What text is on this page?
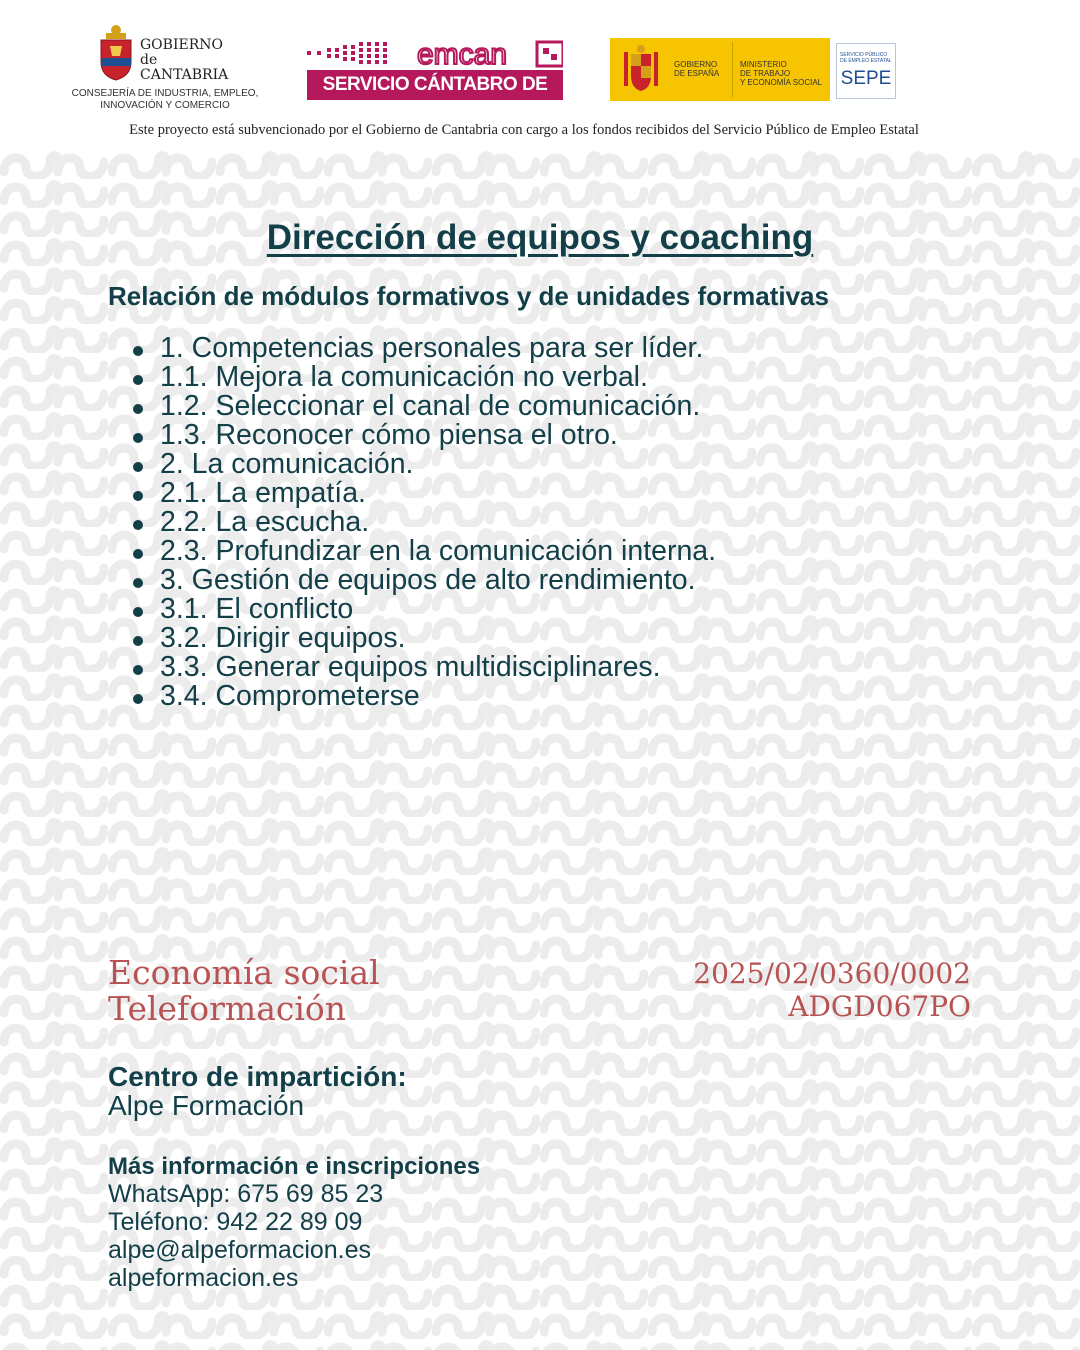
GOBIERNO
de
CANTABRIA
CONSEJERÍA DE INDUSTRIA, EMPLEO,
INNOVACIÓN Y COMERCIO
emcan
SERVICIO CÁNTABRO DE EMPLEO
GOBIERNO
DE ESPAÑA
MINISTERIO
DE TRABAJO
Y ECONOMÍA SOCIAL
SERVICIO PÚBLICO
DE EMPLEO ESTATAL
SEPE
Este proyecto está subvencionado por el Gobierno de Cantabria con cargo a los fondos recibidos del Servicio Público de Empleo Estatal
Dirección de equipos y coaching
Relación de módulos formativos y de unidades formativas
1. Competencias personales para ser líder.
1.1. Mejora la comunicación no verbal.
1.2. Seleccionar el canal de comunicación.
1.3. Reconocer cómo piensa el otro.
2. La comunicación.
2.1. La empatía.
2.2. La escucha.
2.3. Profundizar en la comunicación interna.
3. Gestión de equipos de alto rendimiento.
3.1. El conflicto
3.2. Dirigir equipos.
3.3. Generar equipos multidisciplinares.
3.4. Comprometerse
Economía social
Teleformación
2025/02/0360/0002
ADGD067PO
Centro de impartición:
Alpe Formación
Más información e inscripciones
WhatsApp: 675 69 85 23
Teléfono: 942 22 89 09
alpe@alpeformacion.es
alpeformacion.es
